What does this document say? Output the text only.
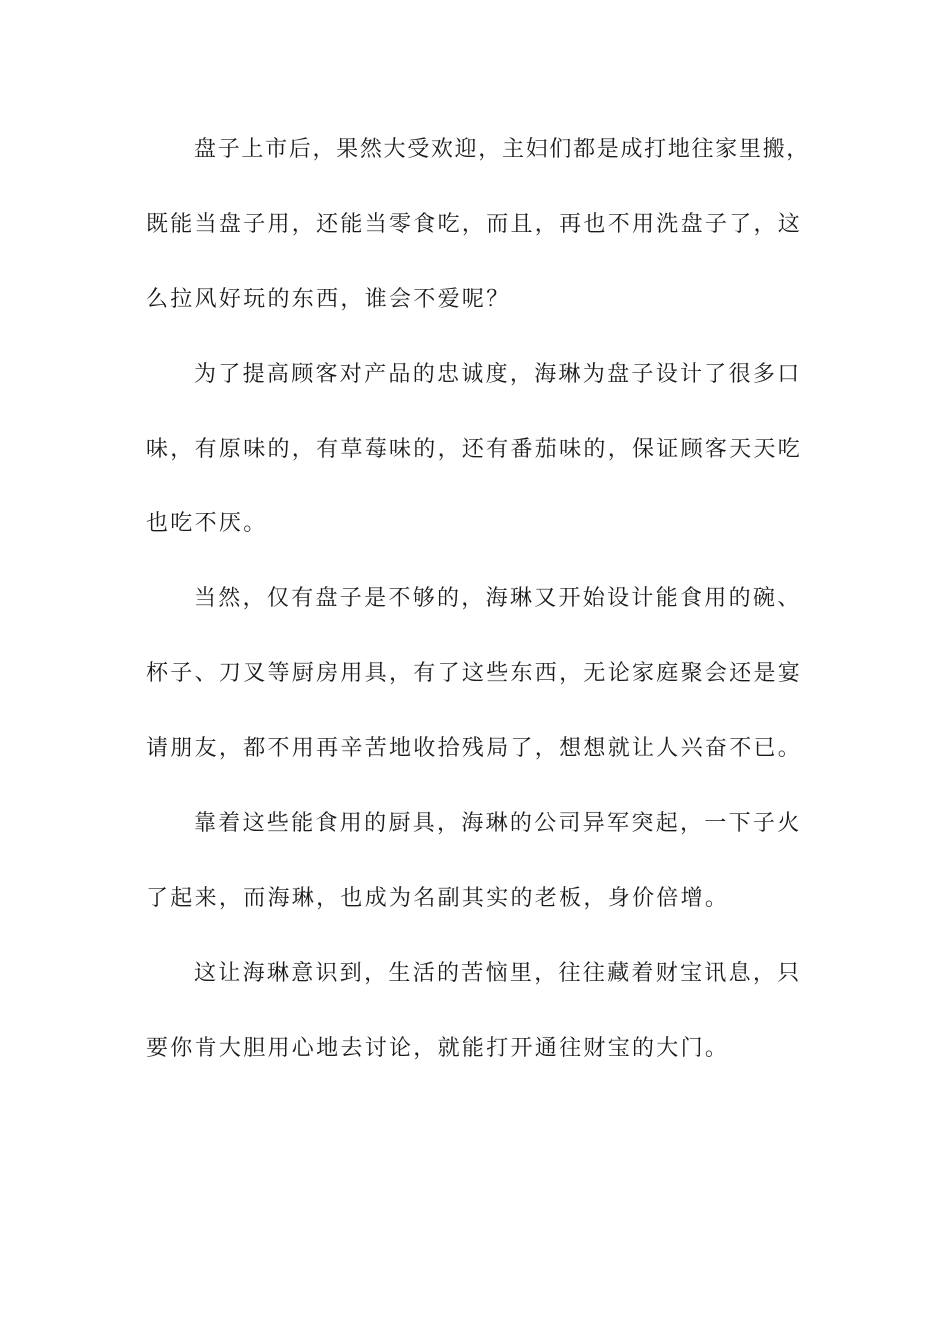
盘子上市后，果然大受欢迎，主妇们都是成打地往家里搬，
既能当盘子用，还能当零食吃，而且，再也不用洗盘子了，这
么拉风好玩的东西，谁会不爱呢？
为了提高顾客对产品的忠诚度，海琳为盘子设计了很多口
味，有原味的，有草莓味的，还有番茄味的，保证顾客天天吃
也吃不厌。
当然，仅有盘子是不够的，海琳又开始设计能食用的碗、
杯子、刀叉等厨房用具，有了这些东西，无论家庭聚会还是宴
请朋友，都不用再辛苦地收拾残局了，想想就让人兴奋不已。
靠着这些能食用的厨具，海琳的公司异军突起，一下子火
了起来，而海琳，也成为名副其实的老板，身价倍增。
这让海琳意识到，生活的苦恼里，往往藏着财宝讯息，只
要你肯大胆用心地去讨论，就能打开通往财宝的大门。
